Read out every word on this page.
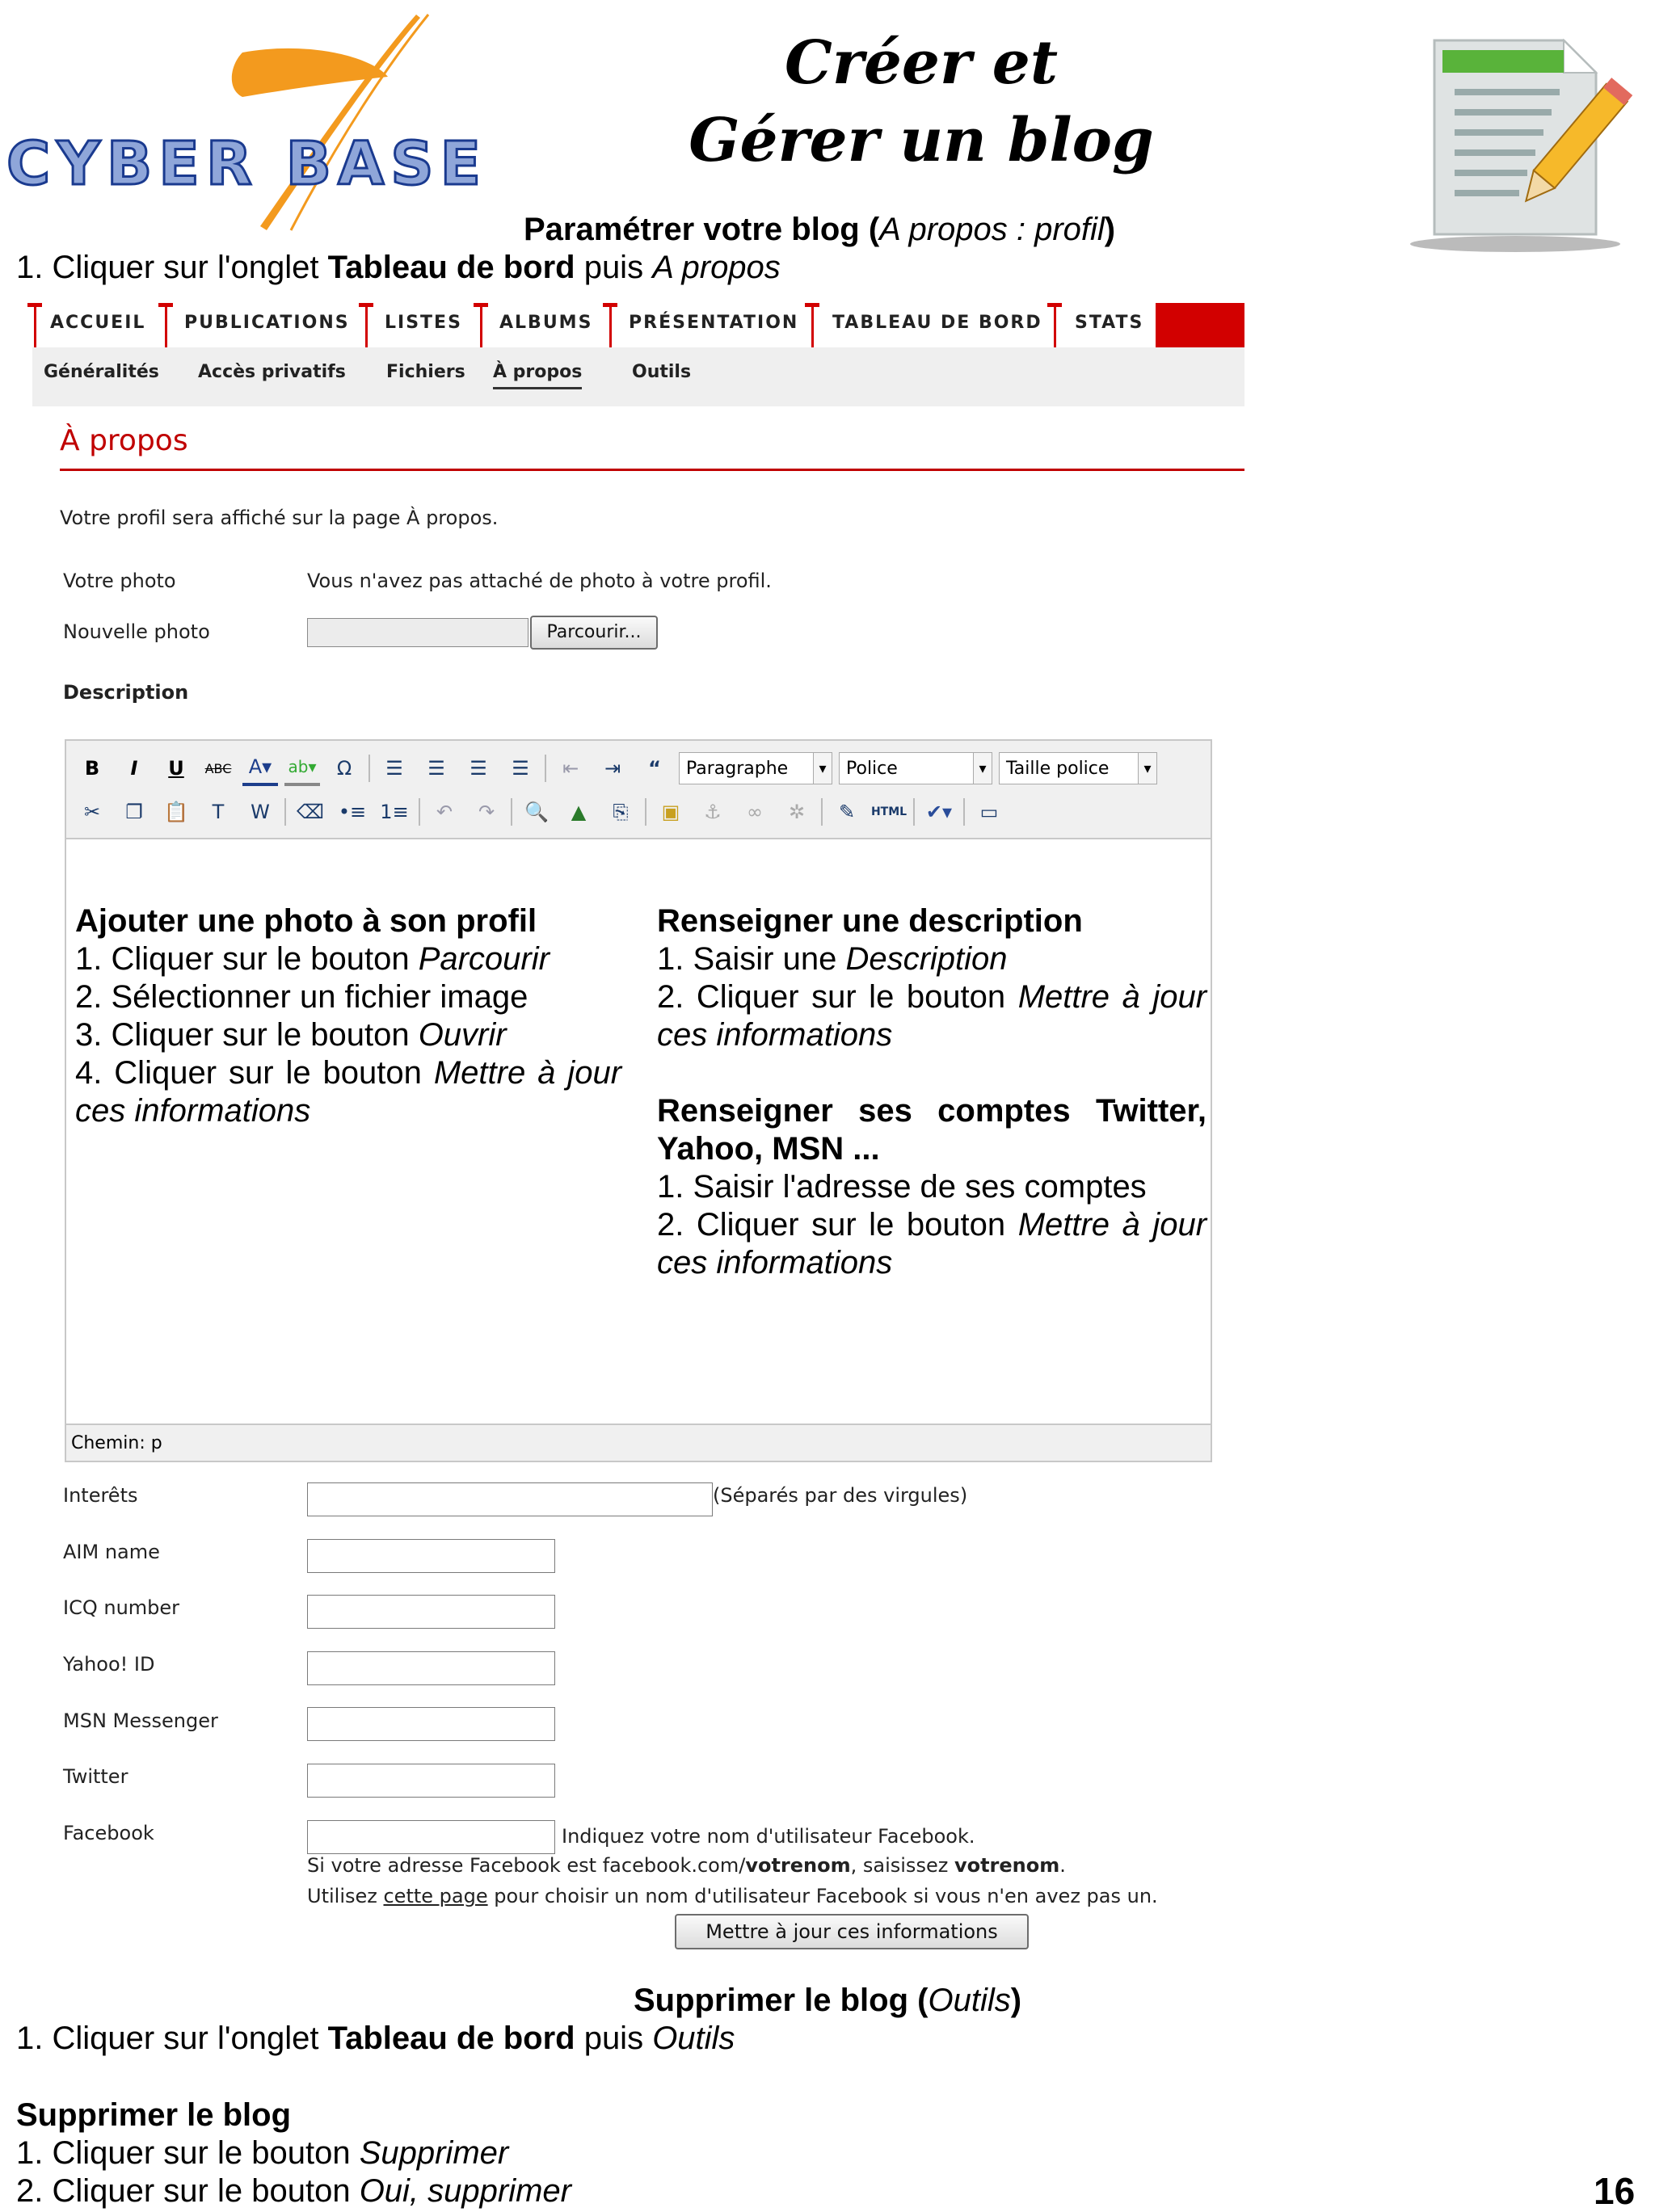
CYBER BASE
Créer et
Gérer un blog
Paramétrer votre blog (A propos : profil)
1. Cliquer sur l'onglet Tableau de bord puis A propos
ACCUEIL PUBLICATIONS LISTES ALBUMS PRÉSENTATION TABLEAU DE BORD STATS
Généralités Accès privatifs Fichiers À propos	Outils
À propos
Votre profil sera affiché sur la page À propos.
Votre photo	Vous n'avez pas attaché de photo à votre profil.
Nouvelle photo	Parcourir...
Description
B	I	U	ABC A▾	ab▾	Ω	☰	☰	☰	☰	⇤	⇥	“	Paragraphe ▾	Police ▾	Taille police ▾
✂	❐	📋	T	W	⌫ •≡ 1≡	↶	↷	🔍	▲	⎘	▣	⚓	∞	✲	✎	HTML ✔▾	▭
Chemin: p
Ajouter une photo à son profil
1. Cliquer sur le bouton Parcourir
2. Sélectionner un fichier image
3. Cliquer sur le bouton Ouvrir
4. Cliquer sur le bouton Mettre à jour ces informations
Renseigner une description
1. Saisir une Description
2. Cliquer sur le bouton Mettre à jour ces informations
Renseigner ses comptes Twitter, Yahoo, MSN ...
1. Saisir l'adresse de ses comptes
2. Cliquer sur le bouton Mettre à jour ces informations
Interêts	(Séparés par des virgules)
AIM name
ICQ number
Yahoo! ID
MSN Messenger
Twitter
Facebook	Indiquez votre nom d'utilisateur Facebook.
Si votre adresse Facebook est facebook.com/votrenom, saisissez votrenom.
Utilisez cette page pour choisir un nom d'utilisateur Facebook si vous n'en avez pas un.
Mettre à jour ces informations
Supprimer le blog (Outils)
1. Cliquer sur l'onglet Tableau de bord puis Outils
Supprimer le blog
1. Cliquer sur le bouton Supprimer
2. Cliquer sur le bouton Oui, supprimer	16
